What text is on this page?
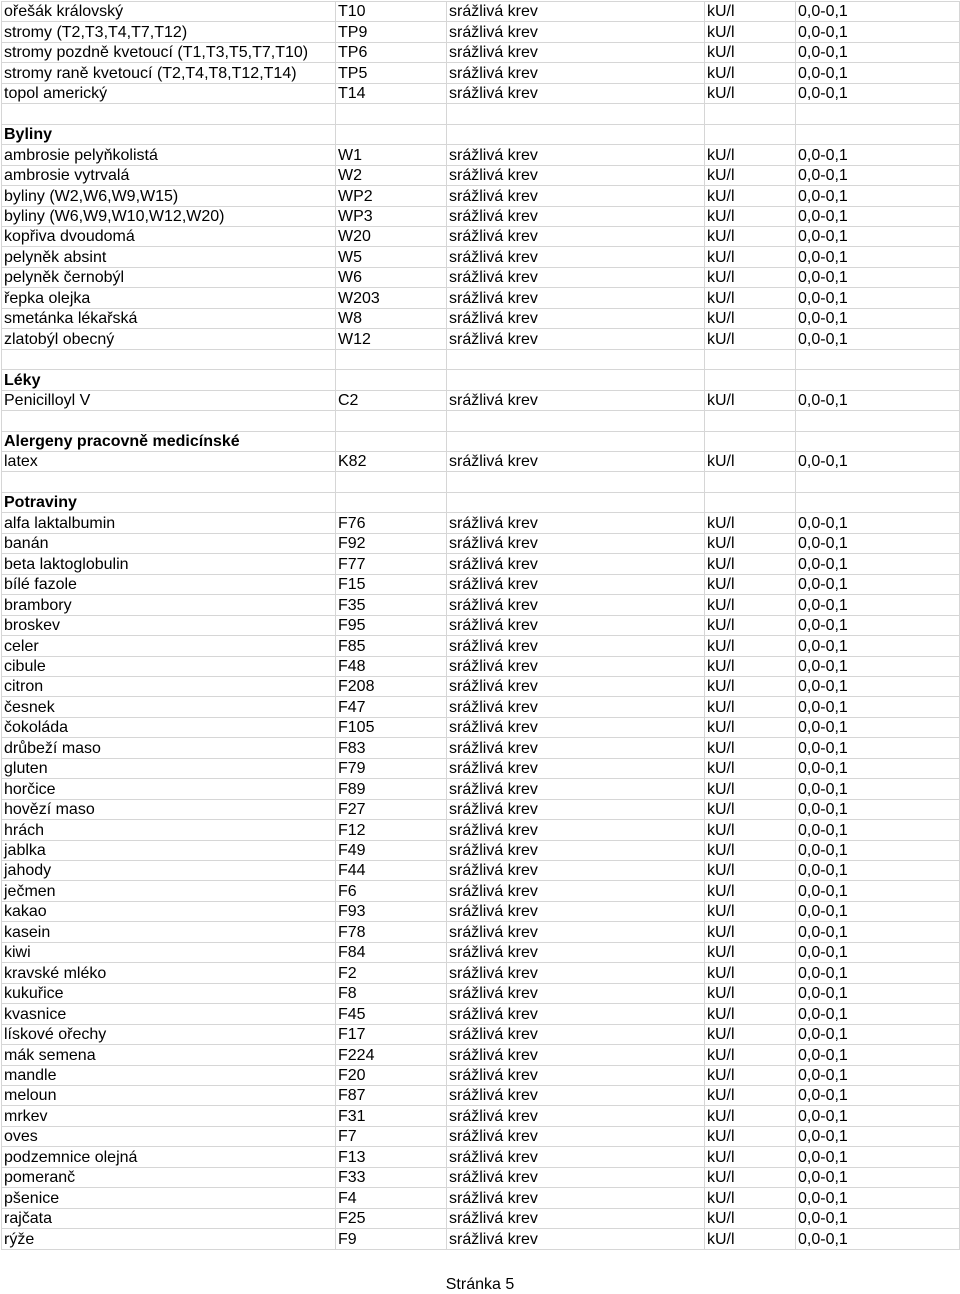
ořešák královský	T10	srážlivá krev	kU/l	0,0-0,1
stromy (T2,T3,T4,T7,T12)	TP9	srážlivá krev	kU/l	0,0-0,1
stromy pozdně kvetoucí (T1,T3,T5,T7,T10)	TP6	srážlivá krev	kU/l	0,0-0,1
stromy raně kvetoucí (T2,T4,T8,T12,T14)	TP5	srážlivá krev	kU/l	0,0-0,1
topol americký	T14	srážlivá krev	kU/l	0,0-0,1

Byliny				
ambrosie pelyňkolistá	W1	srážlivá krev	kU/l	0,0-0,1
ambrosie vytrvalá	W2	srážlivá krev	kU/l	0,0-0,1
byliny (W2,W6,W9,W15)	WP2	srážlivá krev	kU/l	0,0-0,1
byliny (W6,W9,W10,W12,W20)	WP3	srážlivá krev	kU/l	0,0-0,1
kopřiva dvoudomá	W20	srážlivá krev	kU/l	0,0-0,1
pelyněk absint	W5	srážlivá krev	kU/l	0,0-0,1
pelyněk černobýl	W6	srážlivá krev	kU/l	0,0-0,1
řepka olejka	W203	srážlivá krev	kU/l	0,0-0,1
smetánka lékařská	W8	srážlivá krev	kU/l	0,0-0,1
zlatobýl obecný	W12	srážlivá krev	kU/l	0,0-0,1

Léky				
Penicilloyl V	C2	srážlivá krev	kU/l	0,0-0,1

Alergeny pracovně medicínské				
latex	K82	srážlivá krev	kU/l	0,0-0,1

Potraviny				
alfa laktalbumin	F76	srážlivá krev	kU/l	0,0-0,1
banán	F92	srážlivá krev	kU/l	0,0-0,1
beta laktoglobulin	F77	srážlivá krev	kU/l	0,0-0,1
bílé fazole	F15	srážlivá krev	kU/l	0,0-0,1
brambory	F35	srážlivá krev	kU/l	0,0-0,1
broskev	F95	srážlivá krev	kU/l	0,0-0,1
celer	F85	srážlivá krev	kU/l	0,0-0,1
cibule	F48	srážlivá krev	kU/l	0,0-0,1
citron	F208	srážlivá krev	kU/l	0,0-0,1
česnek	F47	srážlivá krev	kU/l	0,0-0,1
čokoláda	F105	srážlivá krev	kU/l	0,0-0,1
drůbeží maso	F83	srážlivá krev	kU/l	0,0-0,1
gluten	F79	srážlivá krev	kU/l	0,0-0,1
horčice	F89	srážlivá krev	kU/l	0,0-0,1
hovězí maso	F27	srážlivá krev	kU/l	0,0-0,1
hrách	F12	srážlivá krev	kU/l	0,0-0,1
jablka	F49	srážlivá krev	kU/l	0,0-0,1
jahody	F44	srážlivá krev	kU/l	0,0-0,1
ječmen	F6	srážlivá krev	kU/l	0,0-0,1
kakao	F93	srážlivá krev	kU/l	0,0-0,1
kasein	F78	srážlivá krev	kU/l	0,0-0,1
kiwi	F84	srážlivá krev	kU/l	0,0-0,1
kravské mléko	F2	srážlivá krev	kU/l	0,0-0,1
kukuřice	F8	srážlivá krev	kU/l	0,0-0,1
kvasnice	F45	srážlivá krev	kU/l	0,0-0,1
lískové ořechy	F17	srážlivá krev	kU/l	0,0-0,1
mák semena	F224	srážlivá krev	kU/l	0,0-0,1
mandle	F20	srážlivá krev	kU/l	0,0-0,1
meloun	F87	srážlivá krev	kU/l	0,0-0,1
mrkev	F31	srážlivá krev	kU/l	0,0-0,1
oves	F7	srážlivá krev	kU/l	0,0-0,1
podzemnice olejná	F13	srážlivá krev	kU/l	0,0-0,1
pomeranč	F33	srážlivá krev	kU/l	0,0-0,1
pšenice	F4	srážlivá krev	kU/l	0,0-0,1
rajčata	F25	srážlivá krev	kU/l	0,0-0,1
rýže	F9	srážlivá krev	kU/l	0,0-0,1
Stránka 5
